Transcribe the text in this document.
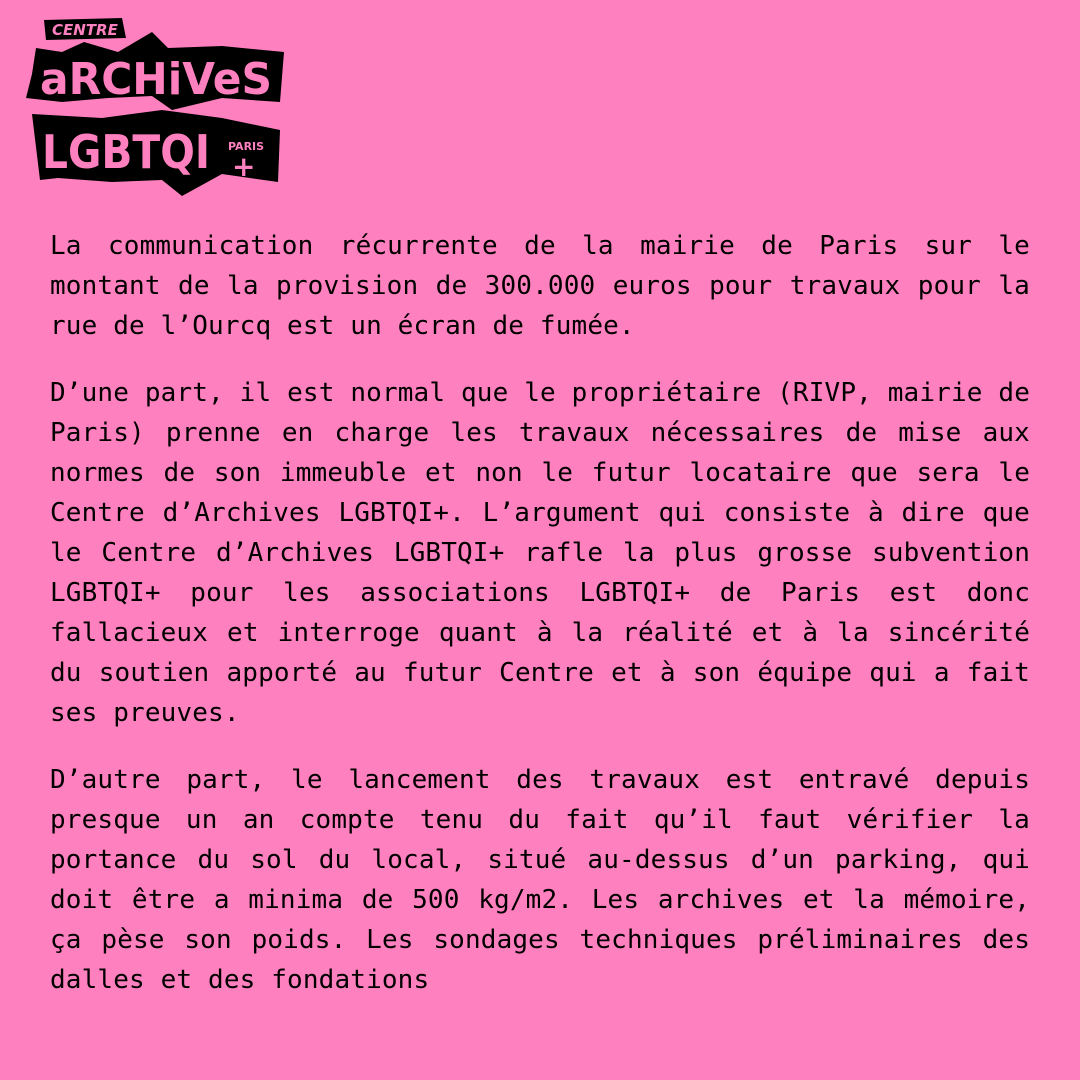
CENTRE
aRCHiVeS
LGBTQI PARIS
+

La communication récurrente de la mairie de Paris sur le montant de la provision de 300.000 euros pour travaux pour la rue de l’Ourcq est un écran de fumée.

D’une part, il est normal que le propriétaire (RIVP, mairie de Paris) prenne en charge les travaux nécessaires de mise aux normes de son immeuble et non le futur locataire que sera le Centre d’Archives LGBTQI+. L’argument qui consiste à dire que le Centre d’Archives LGBTQI+ rafle la plus grosse subvention LGBTQI+ pour les associations LGBTQI+ de Paris est donc fallacieux et interroge quant à la réalité et à la sincérité du soutien apporté au futur Centre et à son équipe qui a fait ses preuves.

D’autre part, le lancement des travaux est entravé depuis presque un an compte tenu du fait qu’il faut vérifier la portance du sol du local, situé au-dessus d’un parking, qui doit être a minima de 500 kg/m2. Les archives et la mémoire, ça pèse son poids. Les sondages techniques préliminaires des dalles et des fondations
